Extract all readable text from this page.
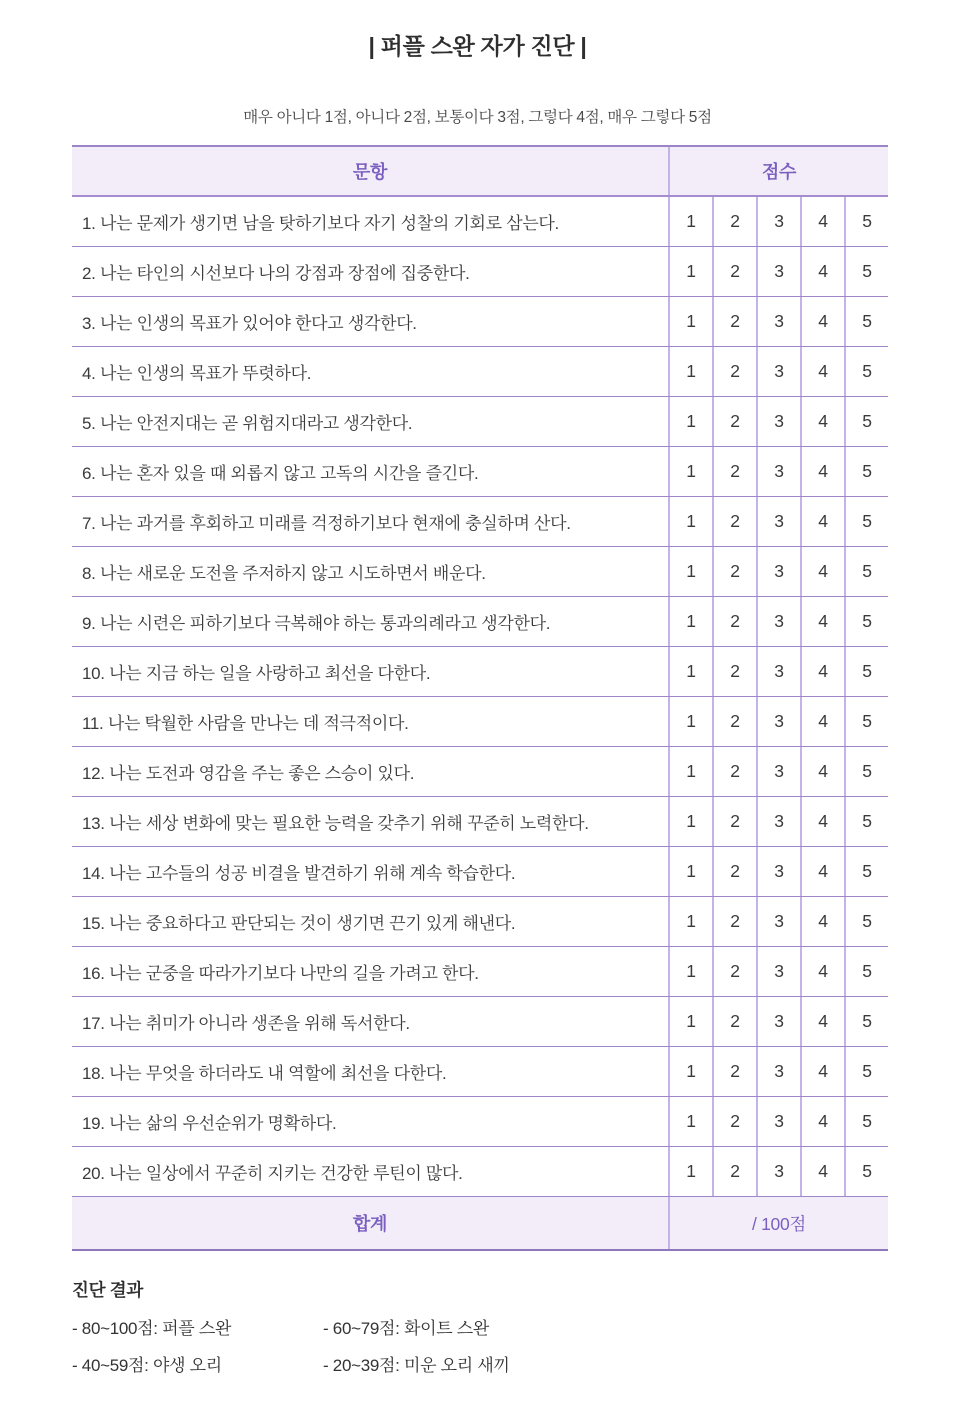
| 퍼플 스완 자가 진단 |
매우 아니다 1점, 아니다 2점, 보통이다 3점, 그렇다 4점, 매우 그렇다 5점
문항	점수
1. 나는 문제가 생기면 남을 탓하기보다 자기 성찰의 기회로 삼는다.	1	2	3	4	5
2. 나는 타인의 시선보다 나의 강점과 장점에 집중한다.	1	2	3	4	5
3. 나는 인생의 목표가 있어야 한다고 생각한다.	1	2	3	4	5
4. 나는 인생의 목표가 뚜렷하다.	1	2	3	4	5
5. 나는 안전지대는 곧 위험지대라고 생각한다.	1	2	3	4	5
6. 나는 혼자 있을 때 외롭지 않고 고독의 시간을 즐긴다.	1	2	3	4	5
7. 나는 과거를 후회하고 미래를 걱정하기보다 현재에 충실하며 산다.	1	2	3	4	5
8. 나는 새로운 도전을 주저하지 않고 시도하면서 배운다.	1	2	3	4	5
9. 나는 시련은 피하기보다 극복해야 하는 통과의례라고 생각한다.	1	2	3	4	5
10. 나는 지금 하는 일을 사랑하고 최선을 다한다.	1	2	3	4	5
11. 나는 탁월한 사람을 만나는 데 적극적이다.	1	2	3	4	5
12. 나는 도전과 영감을 주는 좋은 스승이 있다.	1	2	3	4	5
13. 나는 세상 변화에 맞는 필요한 능력을 갖추기 위해 꾸준히 노력한다.	1	2	3	4	5
14. 나는 고수들의 성공 비결을 발견하기 위해 계속 학습한다.	1	2	3	4	5
15. 나는 중요하다고 판단되는 것이 생기면 끈기 있게 해낸다.	1	2	3	4	5
16. 나는 군중을 따라가기보다 나만의 길을 가려고 한다.	1	2	3	4	5
17. 나는 취미가 아니라 생존을 위해 독서한다.	1	2	3	4	5
18. 나는 무엇을 하더라도 내 역할에 최선을 다한다.	1	2	3	4	5
19. 나는 삶의 우선순위가 명확하다.	1	2	3	4	5
20. 나는 일상에서 꾸준히 지키는 건강한 루틴이 많다.	1	2	3	4	5
합계	/ 100점
진단 결과
- 80~100점: 퍼플 스완	- 60~79점: 화이트 스완
- 40~59점: 야생 오리	- 20~39점: 미운 오리 새끼
